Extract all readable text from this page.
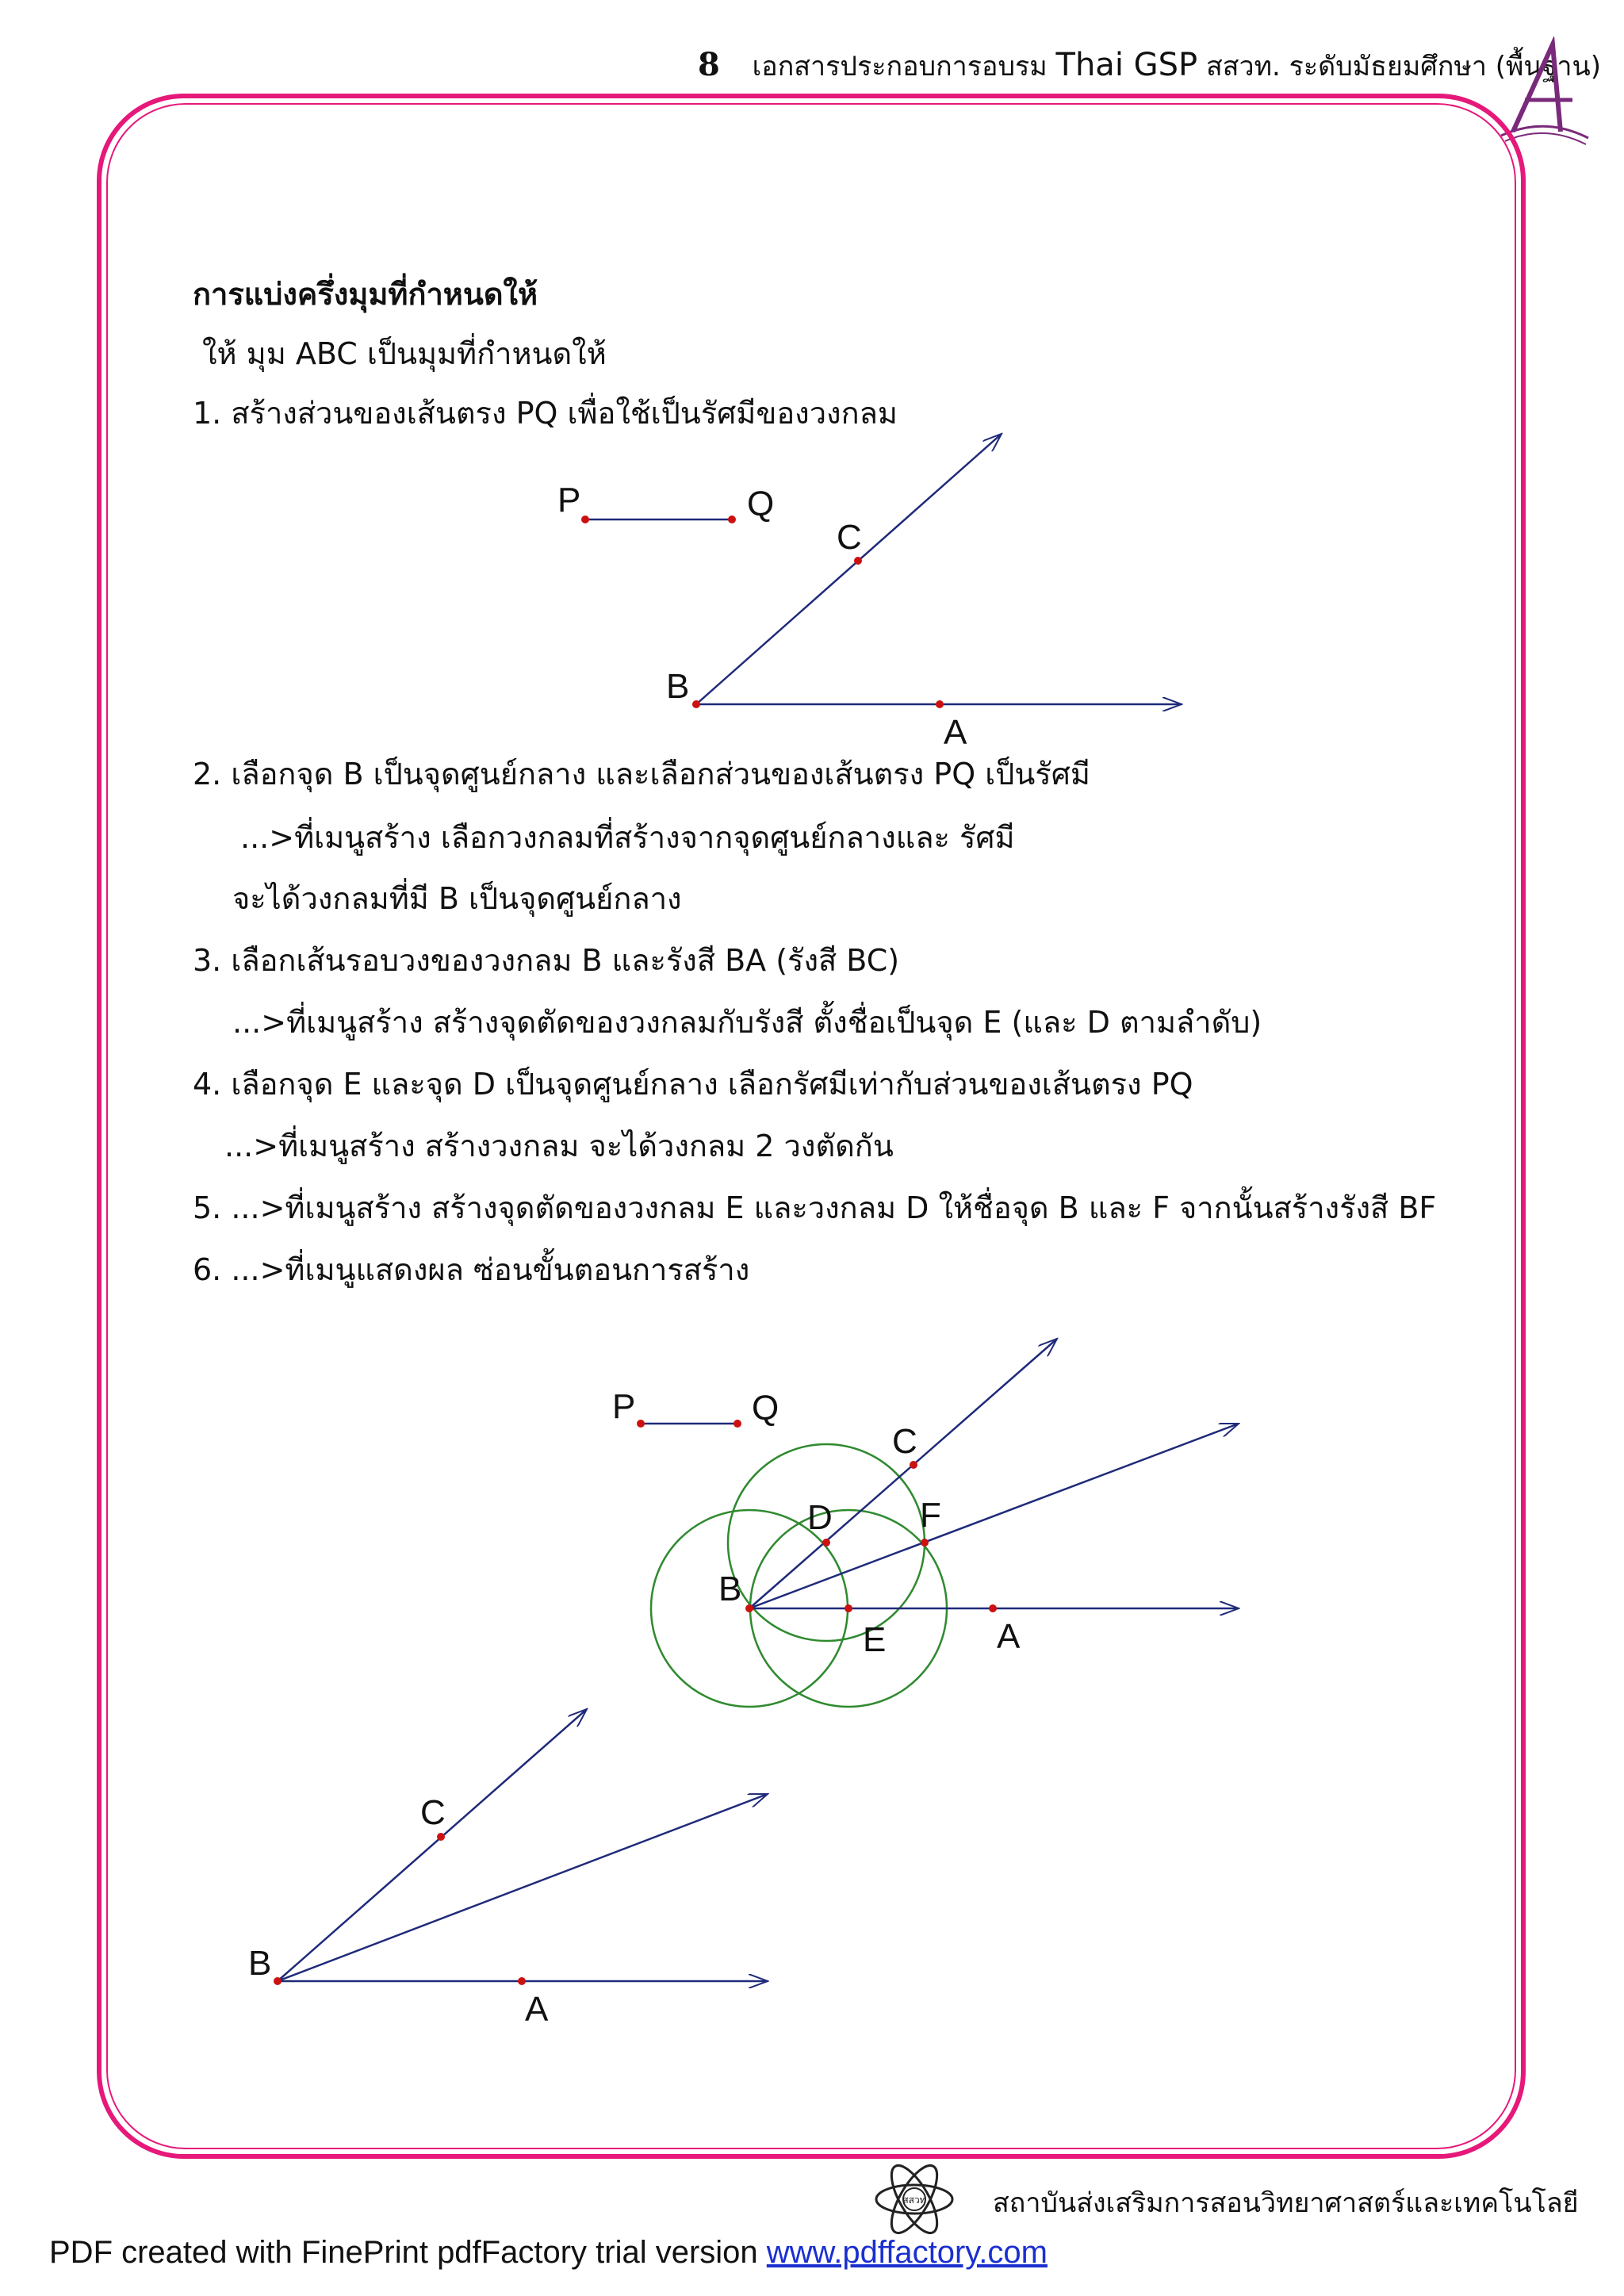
8 เอกสารประกอบการอบรม Thai GSP สสวท. ระดับมัธยมศึกษา (พื้นฐาน)
การแบ่งครึ่งมุมที่กำหนดให้
ให้ มุม ABC เป็นมุมที่กำหนดให้
1. สร้างส่วนของเส้นตรง PQ เพื่อใช้เป็นรัศมีของวงกลม
2. เลือกจุด B เป็นจุดศูนย์กลาง และเลือกส่วนของเส้นตรง PQ เป็นรัศมี
...>ที่เมนูสร้าง เลือกวงกลมที่สร้างจากจุดศูนย์กลางและ รัศมี
จะได้วงกลมที่มี B เป็นจุดศูนย์กลาง
3. เลือกเส้นรอบวงของวงกลม B และรังสี BA (รังสี BC)
...>ที่เมนูสร้าง สร้างจุดตัดของวงกลมกับรังสี ตั้งชื่อเป็นจุด E (และ D ตามลำดับ)
4. เลือกจุด E และจุด D เป็นจุดศูนย์กลาง เลือกรัศมีเท่ากับส่วนของเส้นตรง PQ
...>ที่เมนูสร้าง สร้างวงกลม จะได้วงกลม 2 วงตัดกัน
5. ...>ที่เมนูสร้าง สร้างจุดตัดของวงกลม E และวงกลม D ให้ชื่อจุด B และ F จากนั้นสร้างรังสี BF
6. ...>ที่เมนูแสดงผล ซ่อนขั้นตอนการสร้าง
P	Q
C
B
A
P	Q
C
D	F
B
E	A
C
B
A
สสวท สถาบันส่งเสริมการสอนวิทยาศาสตร์และเทคโนโลยี
PDF created with FinePrint pdfFactory trial version www.pdffactory.com
